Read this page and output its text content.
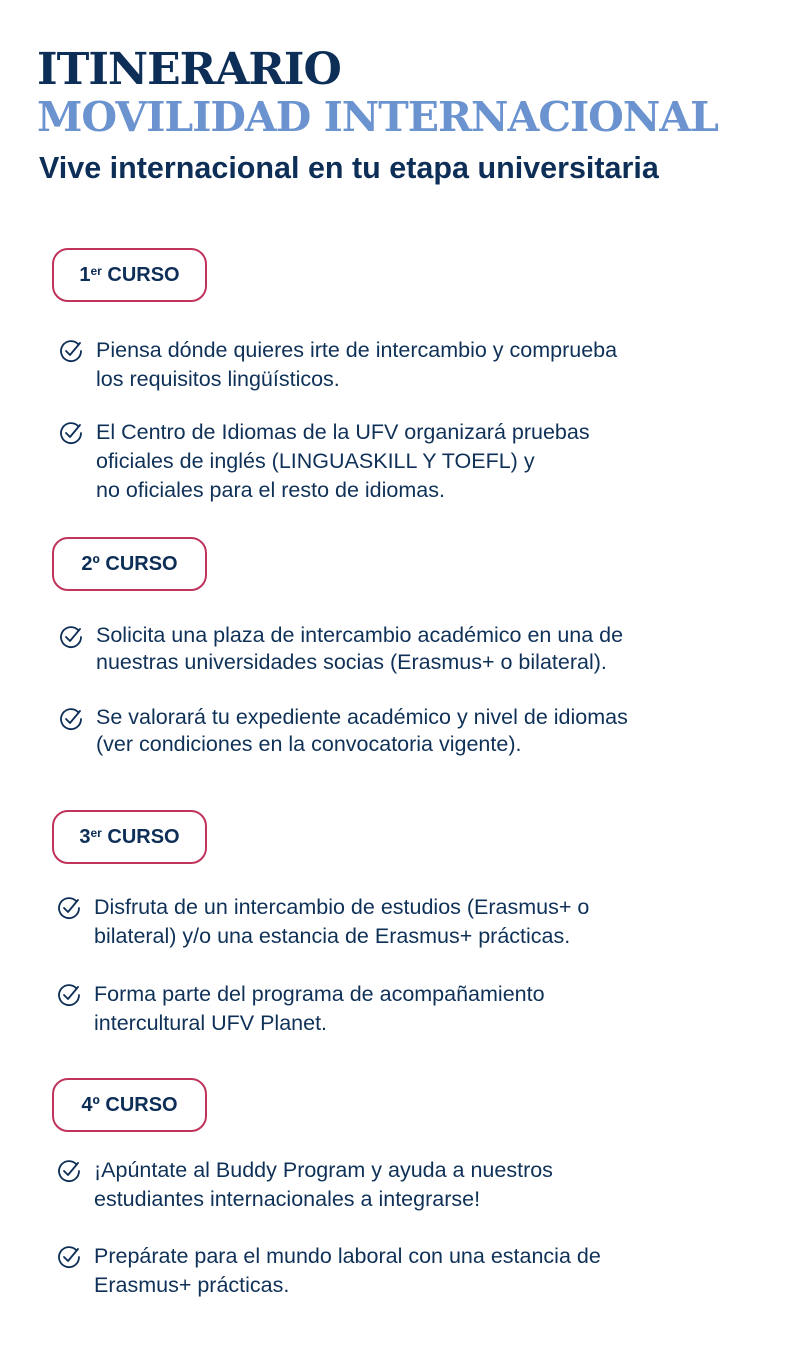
ITINERARIO
MOVILIDAD INTERNACIONAL
Vive internacional en tu etapa universitaria
1er
CURSO
Piensa dónde quieres irte de intercambio y comprueba
los requisitos lingüísticos.
El Centro de Idiomas de la UFV organizará pruebas
oficiales de inglés (LINGUASKILL Y TOEFL) y
no oficiales para el resto de idiomas.
2º
CURSO
Solicita una plaza de intercambio académico en una de
nuestras universidades socias (Erasmus+ o bilateral).
Se valorará tu expediente académico y nivel de idiomas
(ver condiciones en la convocatoria vigente).
3er
CURSO
Disfruta de un intercambio de estudios (Erasmus+ o
bilateral) y/o una estancia de Erasmus+ prácticas.
Forma parte del programa de acompañamiento
intercultural UFV Planet.
4º
CURSO
¡Apúntate al Buddy Program y ayuda a nuestros
estudiantes internacionales a integrarse!
Prepárate para el mundo laboral con una estancia de
Erasmus+ prácticas.
